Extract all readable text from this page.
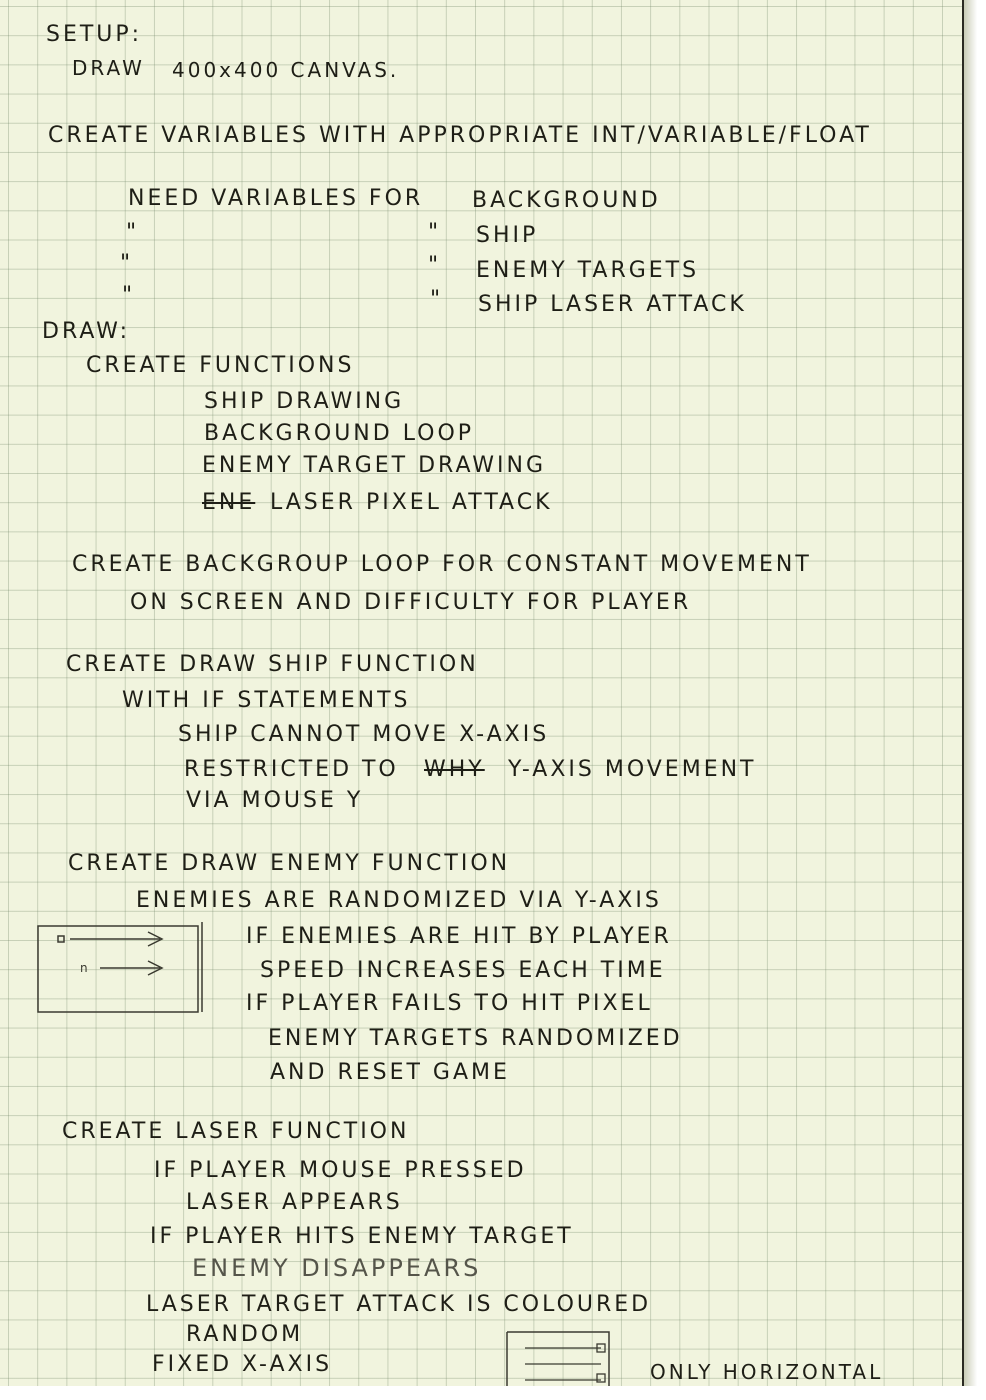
SETUP:

DRAW 400x400 CANVAS.

CREATE VARIABLES WITH APPROPRIATE INT/VARIABLE/FLOAT

NEED VARIABLES FOR BACKGROUND

"	" SHIP

"	" ENEMY TARGETS

"	" SHIP LASER ATTACK

DRAW:

CREATE FUNCTIONS

SHIP DRAWING

BACKGROUND LOOP

ENEMY TARGET DRAWING

ENE LASER PIXEL ATTACK

CREATE BACKGROUP LOOP FOR CONSTANT MOVEMENT

ON SCREEN AND DIFFICULTY FOR PLAYER

CREATE DRAW SHIP FUNCTION

WITH IF STATEMENTS

SHIP CANNOT MOVE X-AXIS

RESTRICTED TO WHY Y-AXIS MOVEMENT

VIA MOUSE Y

CREATE DRAW ENEMY FUNCTION

ENEMIES ARE RANDOMIZED VIA Y-AXIS

n

IF ENEMIES ARE HIT BY PLAYER

SPEED INCREASES EACH TIME

IF PLAYER FAILS TO HIT PIXEL

ENEMY TARGETS RANDOMIZED

AND RESET GAME

CREATE LASER FUNCTION

IF PLAYER MOUSE PRESSED

LASER APPEARS

IF PLAYER HITS ENEMY TARGET

ENEMY DISAPPEARS

LASER TARGET ATTACK IS COLOURED

RANDOM

FIXED X-AXIS	ONLY HORIZONTAL
